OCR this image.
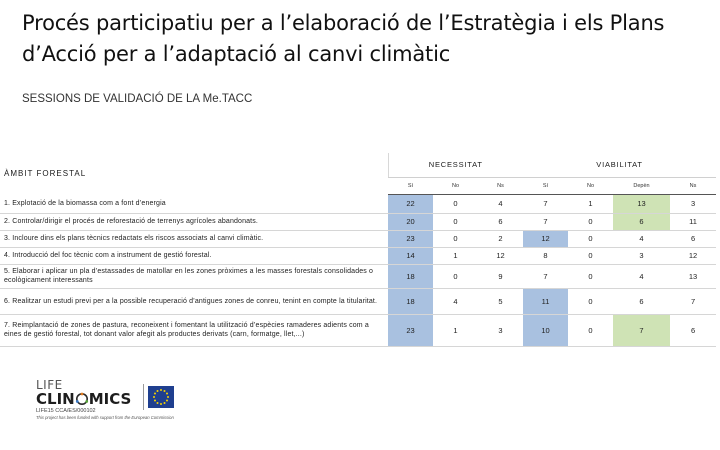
Procés participatiu per a l’elaboració de l’Estratègia i els Plans d’Acció per a l’adaptació al canvi climàtic
SESSIONS DE VALIDACIÓ DE LA Me.TACC
ÀMBIT FORESTAL	NECESSITAT			VIABILITAT			
	Sí	No	Ns	Sí	No	Depèn	Ns
1. Explotació de la biomassa com a font d’energia	22	0	4	7	1	13	3
2. Controlar/dirigir el procés de reforestació de terrenys agrícoles abandonats.	20	0	6	7	0	6	11
3. Incloure dins els plans tècnics redactats els riscos associats al canvi climàtic.	23	0	2	12	0	4	6
4. Introducció del foc tècnic com a instrument de gestió forestal.	14	1	12	8	0	3	12
5. Elaborar i aplicar un pla d’estassades de matollar en les zones pròximes a les masses forestals consolidades o ecològicament interessants	18	0	9	7	0	4	13
6. Realitzar un estudi previ per a la possible recuperació d’antigues zones de conreu, tenint en compte la titularitat.	18	4	5	11	0	6	7
7. Reimplantació de zones de pastura, reconeixent i fomentant la utilització d’espècies ramaderes adients com a eines de gestió forestal, tot donant valor afegit als productes derivats (carn, formatge, llet,...)	23	1	3	10	0	7	6
LIFE
CLIN MICS
LIFE15 CCA/ES/000102
This project has been funded with support from the European Commission
